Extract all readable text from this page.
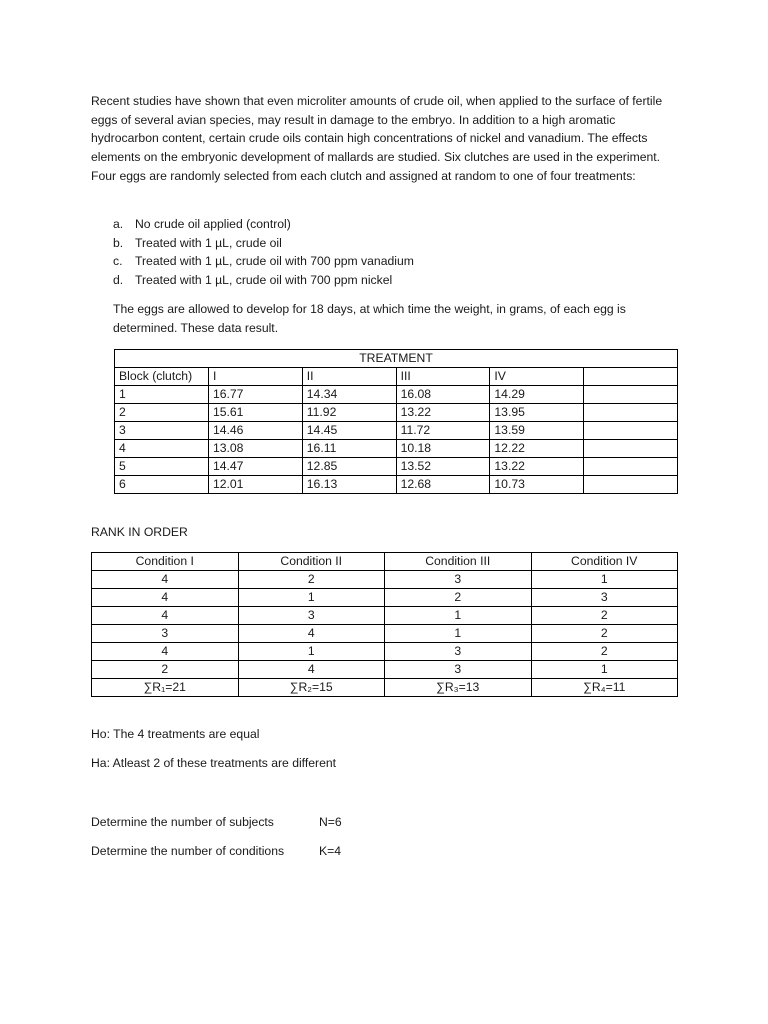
Recent studies have shown that even microliter amounts of crude oil, when applied to the surface of fertile eggs of several avian species, may result in damage to the embryo. In addition to a high aromatic hydrocarbon content, certain crude oils contain high concentrations of nickel and vanadium. The effects elements on the embryonic development of mallards are studied. Six clutches are used in the experiment. Four eggs are randomly selected from each clutch and assigned at random to one of four treatments:

a. No crude oil applied (control)
b. Treated with 1 µL, crude oil
c. Treated with 1 µL, crude oil with 700 ppm vanadium
d. Treated with 1 µL, crude oil with 700 ppm nickel

The eggs are allowed to develop for 18 days, at which time the weight, in grams, of each egg is determined. These data result.

TREATMENT					
Block (clutch)	I	II	III	IV	
1	16.77	14.34	16.08	14.29	
2	15.61	11.92	13.22	13.95	
3	14.46	14.45	11.72	13.59	
4	13.08	16.11	10.18	12.22	
5	14.47	12.85	13.52	13.22	
6	12.01	16.13	12.68	10.73	
RANK IN ORDER
Condition I	Condition II	Condition III	Condition IV
4	2	3	1
4	1	2	3
4	3	1	2
3	4	1	2
4	1	3	2
2	4	3	1
∑R₁=21	∑R₂=15	∑R₃=13	∑R₄=11
Ho: The 4 treatments are equal
Ha: Atleast 2 of these treatments are different
Determine the number of subjects	N=6
Determine the number of conditions	K=4
